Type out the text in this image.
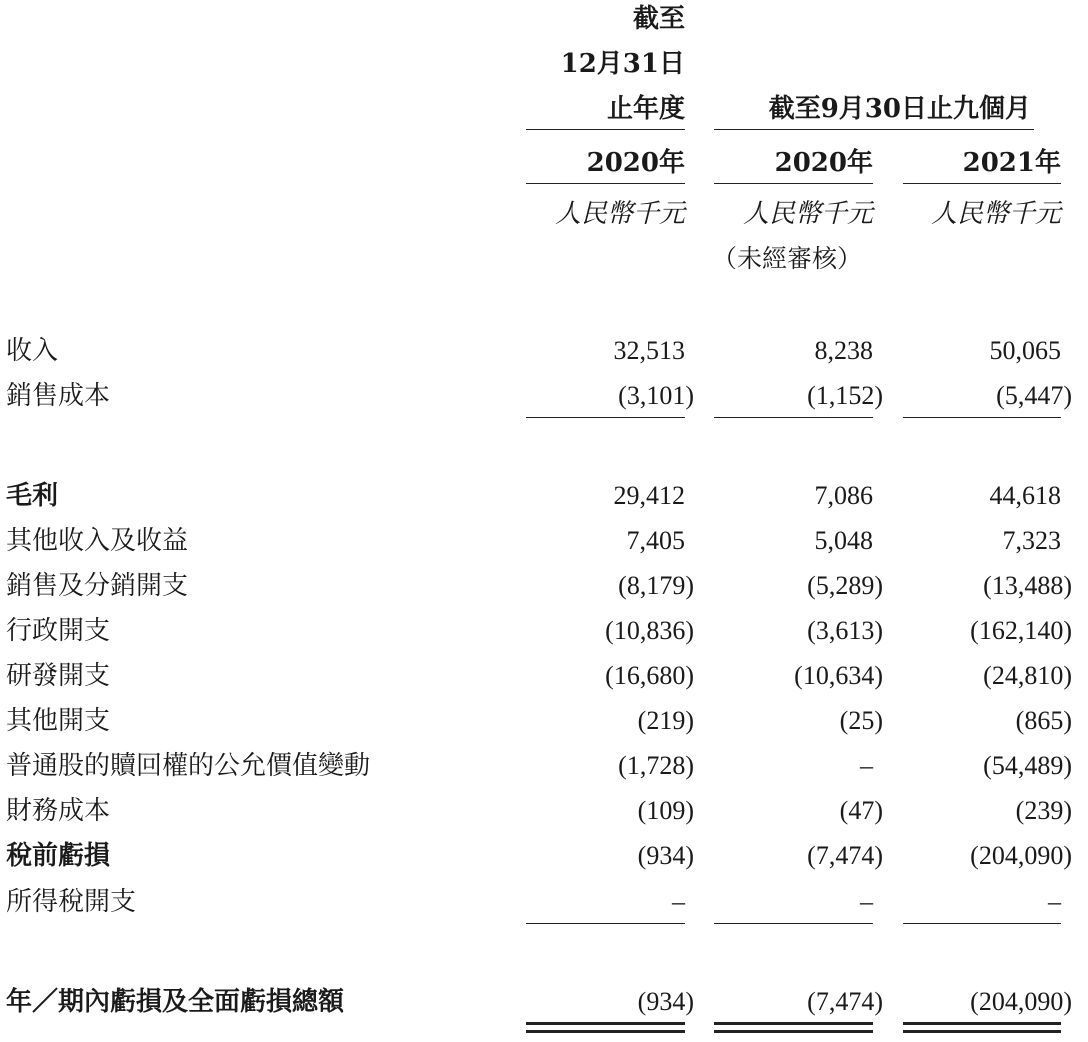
截至
12月31日
止年度	截至9月30日止九個月
2020年	2020年	2021年
人民幣千元	人民幣千元	人民幣千元
（未經審核）
收入	32,513	8,238	50,065
銷售成本	(3,101)	(1,152)	(5,447)
毛利	29,412	7,086	44,618
其他收入及收益	7,405	5,048	7,323
銷售及分銷開支	(8,179)	(5,289)	(13,488)
行政開支	(10,836)	(3,613)	(162,140)
研發開支	(16,680)	(10,634)	(24,810)
其他開支	(219)	(25)	(865)
普通股的贖回權的公允價值變動	(1,728)	–	(54,489)
財務成本	(109)	(47)	(239)
稅前虧損	(934)	(7,474)	(204,090)
所得稅開支	–	–	–
年／期內虧損及全面虧損總額	(934)	(7,474)	(204,090)
